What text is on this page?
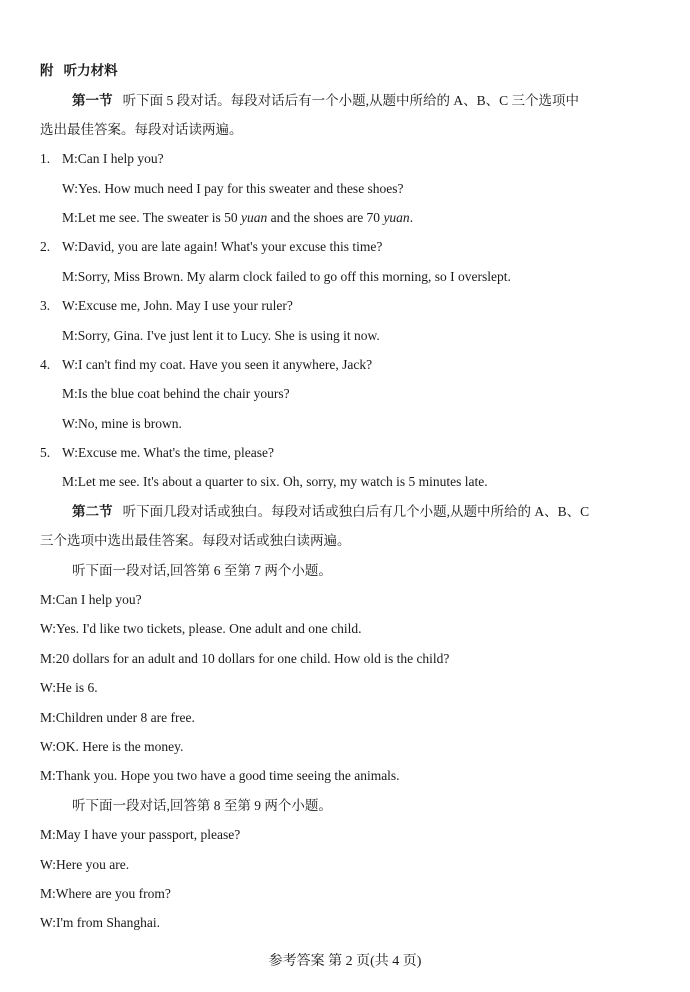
附 听力材料
第一节 听下面 5 段对话。每段对话后有一个小题,从题中所给的 A、B、C 三个选项中
选出最佳答案。每段对话读两遍。
1. M:Can I help you?
W:Yes. How much need I pay for this sweater and these shoes?
M:Let me see. The sweater is 50 yuan and the shoes are 70 yuan.
2. W:David, you are late again! What's your excuse this time?
M:Sorry, Miss Brown. My alarm clock failed to go off this morning, so I overslept.
3. W:Excuse me, John. May I use your ruler?
M:Sorry, Gina. I've just lent it to Lucy. She is using it now.
4. W:I can't find my coat. Have you seen it anywhere, Jack?
M:Is the blue coat behind the chair yours?
W:No, mine is brown.
5. W:Excuse me. What's the time, please?
M:Let me see. It's about a quarter to six. Oh, sorry, my watch is 5 minutes late.
第二节 听下面几段对话或独白。每段对话或独白后有几个小题,从题中所给的 A、B、C
三个选项中选出最佳答案。每段对话或独白读两遍。
听下面一段对话,回答第 6 至第 7 两个小题。
M:Can I help you?
W:Yes. I'd like two tickets, please. One adult and one child.
M:20 dollars for an adult and 10 dollars for one child. How old is the child?
W:He is 6.
M:Children under 8 are free.
W:OK. Here is the money.
M:Thank you. Hope you two have a good time seeing the animals.
听下面一段对话,回答第 8 至第 9 两个小题。
M:May I have your passport, please?
W:Here you are.
M:Where are you from?
W:I'm from Shanghai.
参考答案 第 2 页(共 4 页)
